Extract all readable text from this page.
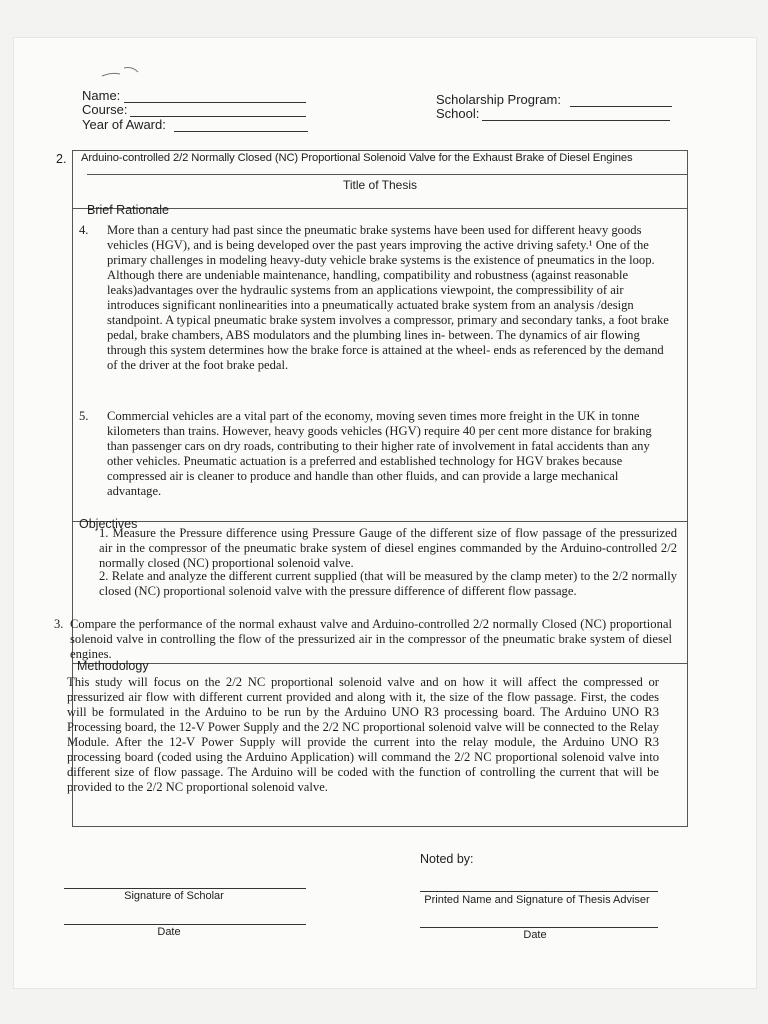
Name:
Course:
Year of Award:
Scholarship Program:
School:
2. Arduino-controlled 2/2 Normally Closed (NC) Proportional Solenoid Valve for the Exhaust Brake of Diesel Engines
Title of Thesis
Brief Rationale
4. More than a century had past since the pneumatic brake systems have been used for different heavy goods vehicles (HGV), and is being developed over the past years improving the active driving safety.¹ One of the primary challenges in modeling heavy-duty vehicle brake systems is the existence of pneumatics in the loop. Although there are undeniable maintenance, handling, compatibility and robustness (against reasonable leaks)advantages over the hydraulic systems from an applications viewpoint, the compressibility of air introduces significant nonlinearities into a pneumatically actuated brake system from an analysis /design standpoint. A typical pneumatic brake system involves a compressor, primary and secondary tanks, a foot brake pedal, brake chambers, ABS modulators and the plumbing lines in- between. The dynamics of air flowing through this system determines how the brake force is attained at the wheel- ends as referenced by the demand of the driver at the foot brake pedal.

5. Commercial vehicles are a vital part of the economy, moving seven times more freight in the UK in tonne kilometers than trains. However, heavy goods vehicles (HGV) require 40 per cent more distance for braking than passenger cars on dry roads, contributing to their higher rate of involvement in fatal accidents than any other vehicles. Pneumatic actuation is a preferred and established technology for HGV brakes because compressed air is cleaner to produce and handle than other fluids, and can provide a large mechanical advantage.

Objectives

1. Measure the Pressure difference using Pressure Gauge of the different size of flow passage of the pressurized air in the compressor of the pneumatic brake system of diesel engines commanded by the Arduino-controlled 2/2 normally closed (NC) proportional solenoid valve.

2. Relate and analyze the different current supplied (that will be measured by the clamp meter) to the 2/2 normally closed (NC) proportional solenoid valve with the pressure difference of different flow passage.

Methodology

This study will focus on the 2/2 NC proportional solenoid valve and on how it will affect the compressed or pressurized air flow with different current provided and along with it, the size of the flow passage. First, the codes will be formulated in the Arduino to be run by the Arduino UNO R3 processing board. The Arduino UNO R3 Processing board, the 12-V Power Supply and the 2/2 NC proportional solenoid valve will be connected to the Relay Module. After the 12-V Power Supply will provide the current into the relay module, the Arduino UNO R3 processing board (coded using the Arduino Application) will command the 2/2 NC proportional solenoid valve into different size of flow passage. The Arduino will be coded with the function of controlling the current that will be provided to the 2/2 NC proportional solenoid valve.

3. Compare the performance of the normal exhaust valve and Arduino-controlled 2/2 normally Closed (NC) proportional solenoid valve in controlling the flow of the pressurized air in the compressor of the pneumatic brake system of diesel engines.

Noted by:
Signature of Scholar
Date
Printed Name and Signature of Thesis Adviser
Date
